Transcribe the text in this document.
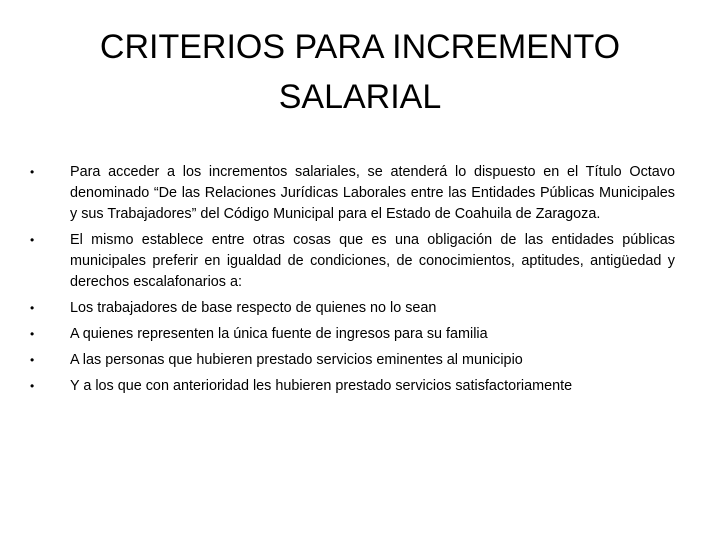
CRITERIOS PARA INCREMENTO
SALARIAL
•	Para acceder a los incrementos salariales, se atenderá lo dispuesto en el Título Octavo denominado “De las Relaciones Jurídicas Laborales entre las Entidades Públicas Municipales y sus Trabajadores” del Código Municipal para el Estado de Coahuila de Zaragoza.
•	El mismo establece entre otras cosas que es una obligación de las entidades públicas municipales preferir en igualdad de condiciones, de conocimientos, aptitudes, antigüedad y derechos escalafonarios a:
•	Los trabajadores de base respecto de quienes no lo sean
•	A quienes representen la única fuente de ingresos para su familia
•	A las personas que hubieren prestado servicios eminentes al municipio
•	Y a los que con anterioridad les hubieren prestado servicios satisfactoriamente
